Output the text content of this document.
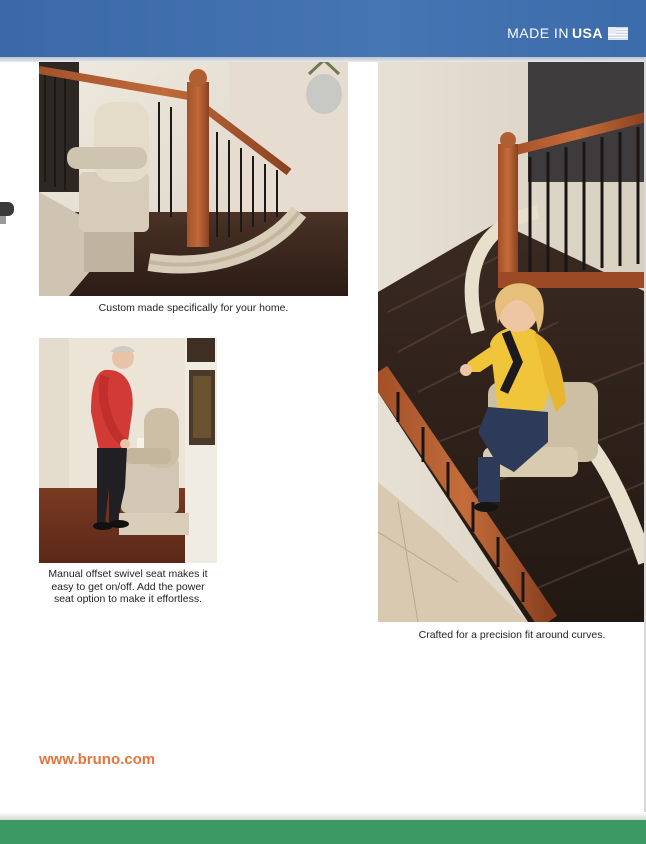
MADE IN USA
Custom made specifically for your home.
Manual offset swivel seat makes it
easy to get on/off. Add the power
seat option to make it effortless.
Crafted for a precision fit around curves.
www.bruno.com
